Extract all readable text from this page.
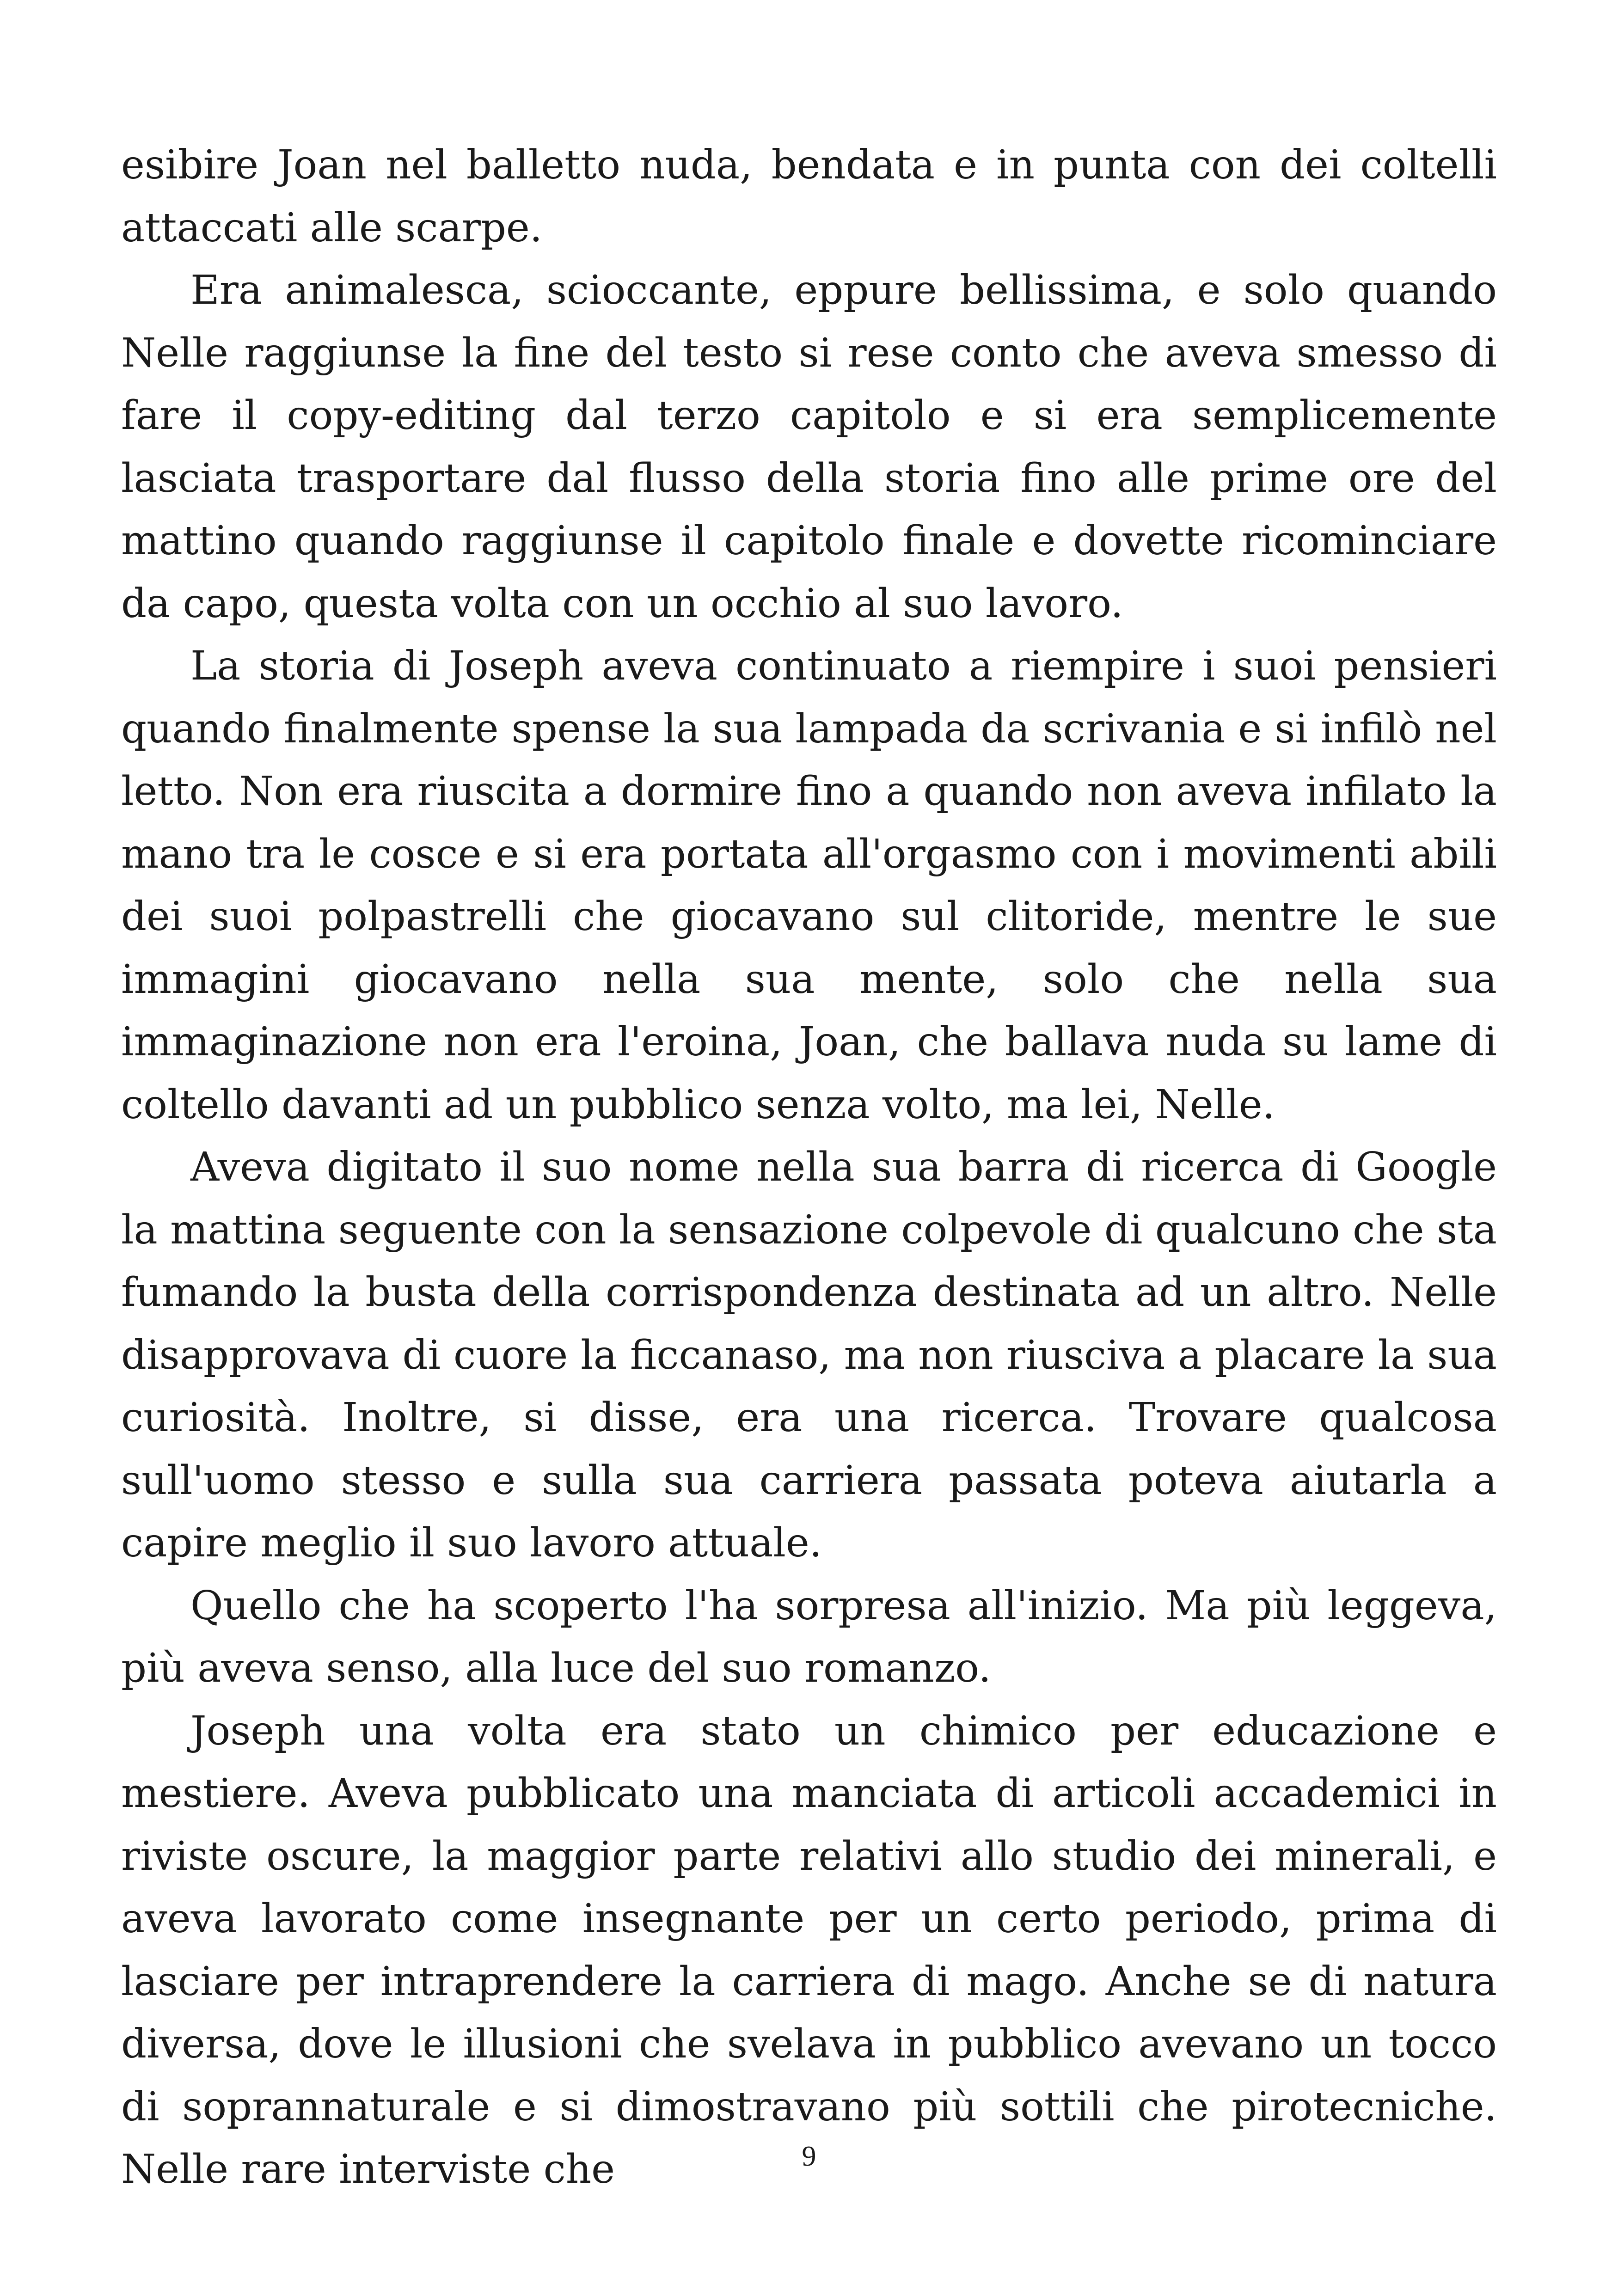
esibire Joan nel balletto nuda, bendata e in punta con dei coltelli attaccati alle scarpe.

Era animalesca, scioccante, eppure bellissima, e solo quando Nelle raggiunse la fine del testo si rese conto che aveva smesso di fare il copy-editing dal terzo capitolo e si era semplicemente lasciata trasportare dal flusso della storia fino alle prime ore del mattino quando raggiunse il capitolo finale e dovette ricominciare da capo, questa volta con un occhio al suo lavoro.

La storia di Joseph aveva continuato a riempire i suoi pensieri quando finalmente spense la sua lampada da scrivania e si infilò nel letto. Non era riuscita a dormire fino a quando non aveva infilato la mano tra le cosce e si era portata all'orgasmo con i movimenti abili dei suoi polpastrelli che giocavano sul clitoride, mentre le sue immagini giocavano nella sua mente, solo che nella sua immaginazione non era l'eroina, Joan, che ballava nuda su lame di coltello davanti ad un pubblico senza volto, ma lei, Nelle.

Aveva digitato il suo nome nella sua barra di ricerca di Google la mattina seguente con la sensazione colpevole di qualcuno che sta fumando la busta della corrispondenza destinata ad un altro. Nelle disapprovava di cuore la ficcanaso, ma non riusciva a placare la sua curiosità. Inoltre, si disse, era una ricerca. Trovare qualcosa sull'uomo stesso e sulla sua carriera passata poteva aiutarla a capire meglio il suo lavoro attuale.

Quello che ha scoperto l'ha sorpresa all'inizio. Ma più leggeva, più aveva senso, alla luce del suo romanzo.

Joseph una volta era stato un chimico per educazione e mestiere. Aveva pubblicato una manciata di articoli accademici in riviste oscure, la maggior parte relativi allo studio dei minerali, e aveva lavorato come insegnante per un certo periodo, prima di lasciare per intraprendere la carriera di mago. Anche se di natura diversa, dove le illusioni che svelava in pubblico avevano un tocco di soprannaturale e si dimostravano più sottili che pirotecniche. Nelle rare interviste che	9
